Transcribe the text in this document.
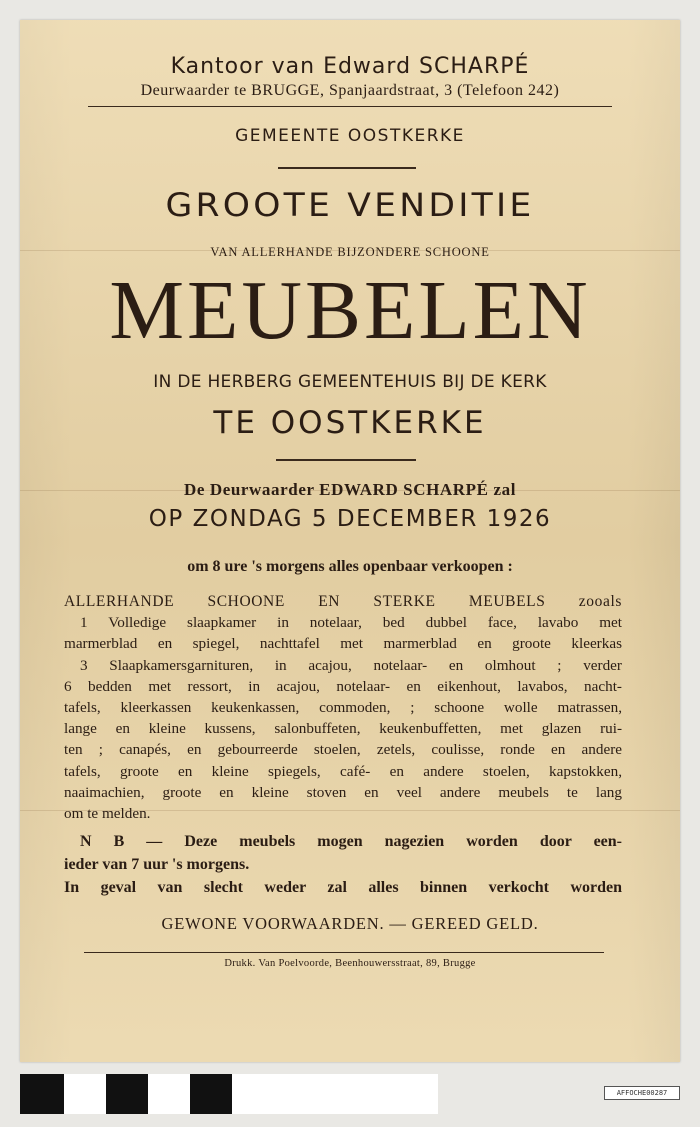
Kantoor van Edward SCHARPÉ
Deurwaarder te BRUGGE, Spanjaardstraat, 3 (Telefoon 242)
GEMEENTE OOSTKERKE
GROOTE VENDITIE
VAN ALLERHANDE BIJZONDERE SCHOONE
MEUBELEN
IN DE HERBERG GEMEENTEHUIS BIJ DE KERK
TE OOSTKERKE
De Deurwaarder EDWARD SCHARPÉ zal
OP ZONDAG 5 DECEMBER 1926
om 8 ure 's morgens alles openbaar verkoopen :
ALLERHANDE SCHOONE EN STERKE MEUBELS zooals
1 Volledige slaapkamer in notelaar, bed dubbel face, lavabo met
marmerblad en spiegel, nachttafel met marmerblad en groote kleerkas
3 Slaapkamersgarnituren, in acajou, notelaar- en olmhout ; verder
6 bedden met ressort, in acajou, notelaar- en eikenhout, lavabos, nacht-
tafels, kleerkassen keukenkassen, commoden, ; schoone wolle matrassen,
lange en kleine kussens, salonbuffeten, keukenbuffetten, met glazen rui-
ten ; canapés, en gebourreerde stoelen, zetels, coulisse, ronde en andere
tafels, groote en kleine spiegels, café- en andere stoelen, kapstokken,
naaimachien, groote en kleine stoven en veel andere meubels te lang
om te melden.
N B — Deze meubels mogen nagezien worden door een-
ieder van 7 uur 's morgens.
In geval van slecht weder zal alles binnen verkocht worden
GEWONE VOORWAARDEN. — GEREED GELD.
Drukk. Van Poelvoorde, Beenhouwersstraat, 89, Brugge
AFFOCHE00287
